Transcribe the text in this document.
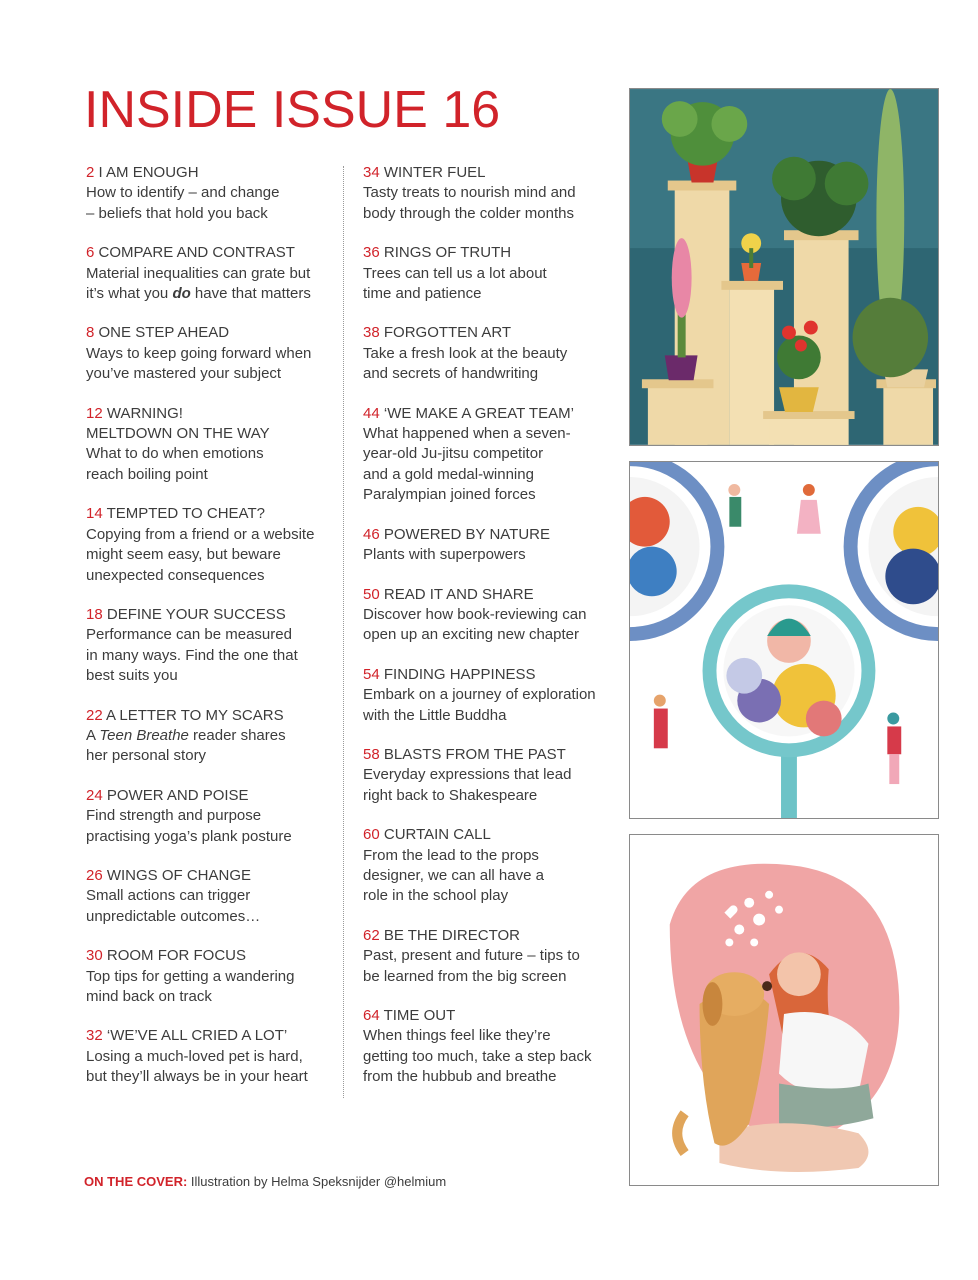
INSIDE ISSUE 16
2 I AM ENOUGH
How to identify – and change
– beliefs that hold you back
6 COMPARE AND CONTRAST
Material inequalities can grate but
it’s what you do have that matters
8 ONE STEP AHEAD
Ways to keep going forward when
you’ve mastered your subject
12 WARNING!
MELTDOWN ON THE WAY
What to do when emotions
reach boiling point
14 TEMPTED TO CHEAT?
Copying from a friend or a website
might seem easy, but beware
unexpected consequences
18 DEFINE YOUR SUCCESS
Performance can be measured
in many ways. Find the one that
best suits you
22 A LETTER TO MY SCARS
A Teen Breathe reader shares
her personal story
24 POWER AND POISE
Find strength and purpose
practising yoga’s plank posture
26 WINGS OF CHANGE
Small actions can trigger
unpredictable outcomes…
30 ROOM FOR FOCUS
Top tips for getting a wandering
mind back on track
32 ‘WE’VE ALL CRIED A LOT’
Losing a much-loved pet is hard,
but they’ll always be in your heart
34 WINTER FUEL
Tasty treats to nourish mind and
body through the colder months
36 RINGS OF TRUTH
Trees can tell us a lot about
time and patience
38 FORGOTTEN ART
Take a fresh look at the beauty
and secrets of handwriting
44 ‘WE MAKE A GREAT TEAM’
What happened when a seven-
year-old Ju-jitsu competitor
and a gold medal-winning
Paralympian joined forces
46 POWERED BY NATURE
Plants with superpowers
50 READ IT AND SHARE
Discover how book-reviewing can
open up an exciting new chapter
54 FINDING HAPPINESS
Embark on a journey of exploration
with the Little Buddha
58 BLASTS FROM THE PAST
Everyday expressions that lead
right back to Shakespeare
60 CURTAIN CALL
From the lead to the props
designer, we can all have a
role in the school play
62 BE THE DIRECTOR
Past, present and future – tips to
be learned from the big screen
64 TIME OUT
When things feel like they’re
getting too much, take a step back
from the hubbub and breathe
ON THE COVER: Illustration by Helma Speksnijder @helmium
